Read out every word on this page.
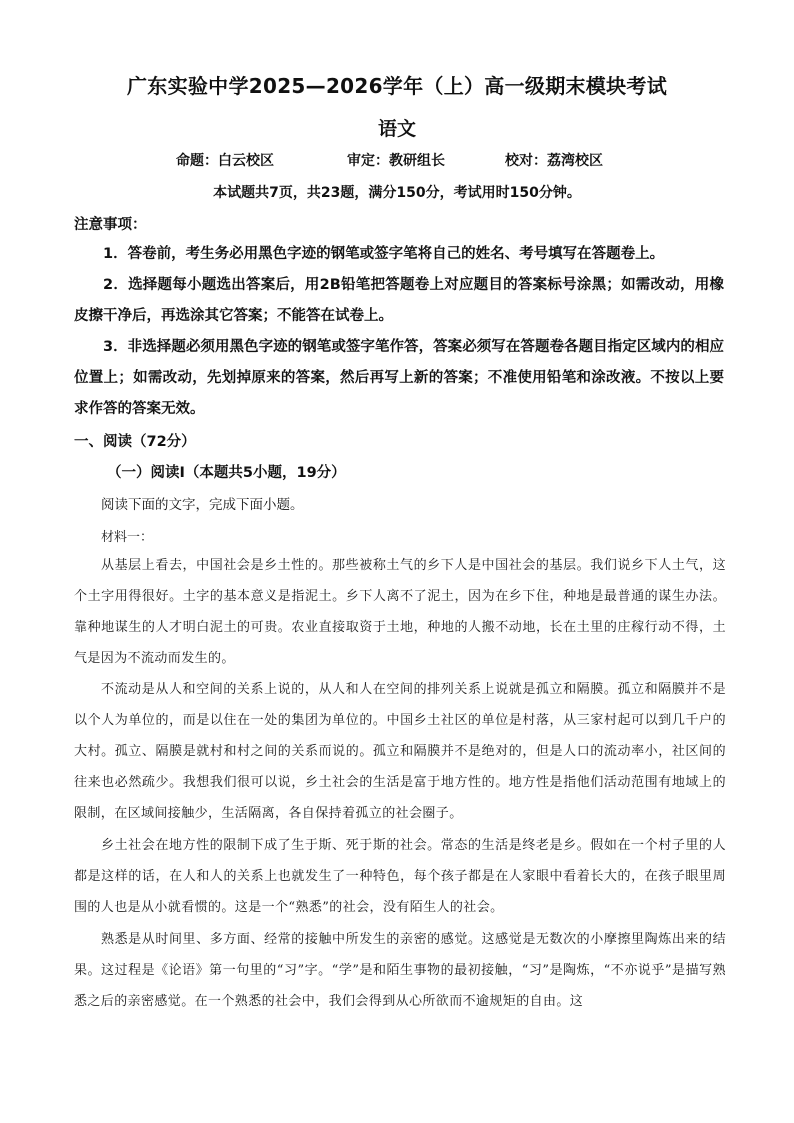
广东实验中学2025—2026学年（上）高一级期末模块考试
语文
命题：白云校区	审定：教研组长	校对：荔湾校区
本试题共7页，共23题，满分150分，考试用时150分钟。
注意事项：
1．答卷前，考生务必用黑色字迹的钢笔或签字笔将自己的姓名、考号填写在答题卷上。
2．选择题每小题选出答案后，用2B铅笔把答题卷上对应题目的答案标号涂黑；如需改动，用橡皮擦干净后，再选涂其它答案；不能答在试卷上。
3．非选择题必须用黑色字迹的钢笔或签字笔作答，答案必须写在答题卷各题目指定区域内的相应位置上；如需改动，先划掉原来的答案，然后再写上新的答案；不准使用铅笔和涂改液。不按以上要求作答的答案无效。
一、阅读（72分）
（一）阅读Ⅰ（本题共5小题，19分）
阅读下面的文字，完成下面小题。
材料一：
从基层上看去，中国社会是乡土性的。那些被称土气的乡下人是中国社会的基层。我们说乡下人土气，这个土字用得很好。土字的基本意义是指泥土。乡下人离不了泥土，因为在乡下住，种地是最普通的谋生办法。靠种地谋生的人才明白泥土的可贵。农业直接取资于土地，种地的人搬不动地，长在土里的庄稼行动不得，土气是因为不流动而发生的。
不流动是从人和空间的关系上说的，从人和人在空间的排列关系上说就是孤立和隔膜。孤立和隔膜并不是以个人为单位的，而是以住在一处的集团为单位的。中国乡土社区的单位是村落，从三家村起可以到几千户的大村。孤立、隔膜是就村和村之间的关系而说的。孤立和隔膜并不是绝对的，但是人口的流动率小，社区间的往来也必然疏少。我想我们很可以说，乡土社会的生活是富于地方性的。地方性是指他们活动范围有地域上的限制，在区域间接触少，生活隔离，各自保持着孤立的社会圈子。
乡土社会在地方性的限制下成了生于斯、死于斯的社会。常态的生活是终老是乡。假如在一个村子里的人都是这样的话，在人和人的关系上也就发生了一种特色，每个孩子都是在人家眼中看着长大的，在孩子眼里周围的人也是从小就看惯的。这是一个“熟悉”的社会，没有陌生人的社会。
熟悉是从时间里、多方面、经常的接触中所发生的亲密的感觉。这感觉是无数次的小摩擦里陶炼出来的结果。这过程是《论语》第一句里的“习”字。“学”是和陌生事物的最初接触，“习”是陶炼，“不亦说乎”是描写熟悉之后的亲密感觉。在一个熟悉的社会中，我们会得到从心所欲而不逾规矩的自由。这
